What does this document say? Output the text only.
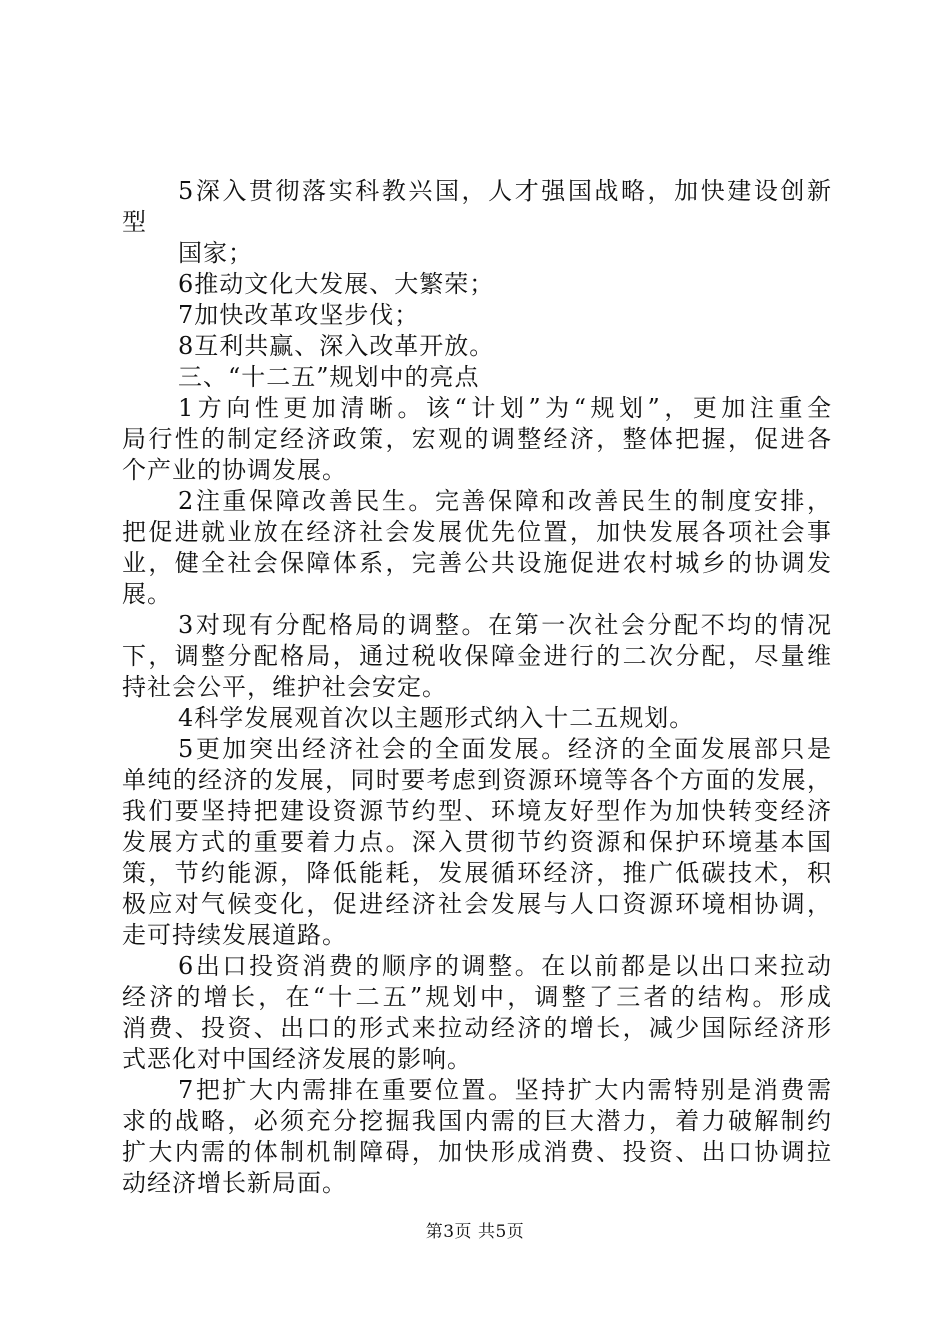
5深入贯彻落实科教兴国，人才强国战略，加快建设创新
型
国家；
6推动文化大发展、大繁荣；
7加快改革攻坚步伐；
8互利共赢、深入改革开放。
三、“十二五”规划中的亮点
1方向性更加清晰。该“计划”为“规划”，更加注重全
局行性的制定经济政策，宏观的调整经济，整体把握，促进各
个产业的协调发展。
2注重保障改善民生。完善保障和改善民生的制度安排，
把促进就业放在经济社会发展优先位置，加快发展各项社会事
业，健全社会保障体系，完善公共设施促进农村城乡的协调发
展。
3对现有分配格局的调整。在第一次社会分配不均的情况
下，调整分配格局，通过税收保障金进行的二次分配，尽量维
持社会公平，维护社会安定。
4科学发展观首次以主题形式纳入十二五规划。
5更加突出经济社会的全面发展。经济的全面发展部只是
单纯的经济的发展，同时要考虑到资源环境等各个方面的发展，
我们要坚持把建设资源节约型、环境友好型作为加快转变经济
发展方式的重要着力点。深入贯彻节约资源和保护环境基本国
策，节约能源，降低能耗，发展循环经济，推广低碳技术，积
极应对气候变化，促进经济社会发展与人口资源环境相协调，
走可持续发展道路。
6出口投资消费的顺序的调整。在以前都是以出口来拉动
经济的增长，在“十二五”规划中，调整了三者的结构。形成
消费、投资、出口的形式来拉动经济的增长，减少国际经济形
式恶化对中国经济发展的影响。
7把扩大内需排在重要位置。坚持扩大内需特别是消费需
求的战略，必须充分挖掘我国内需的巨大潜力，着力破解制约
扩大内需的体制机制障碍，加快形成消费、投资、出口协调拉
动经济增长新局面。
第3页 共5页
